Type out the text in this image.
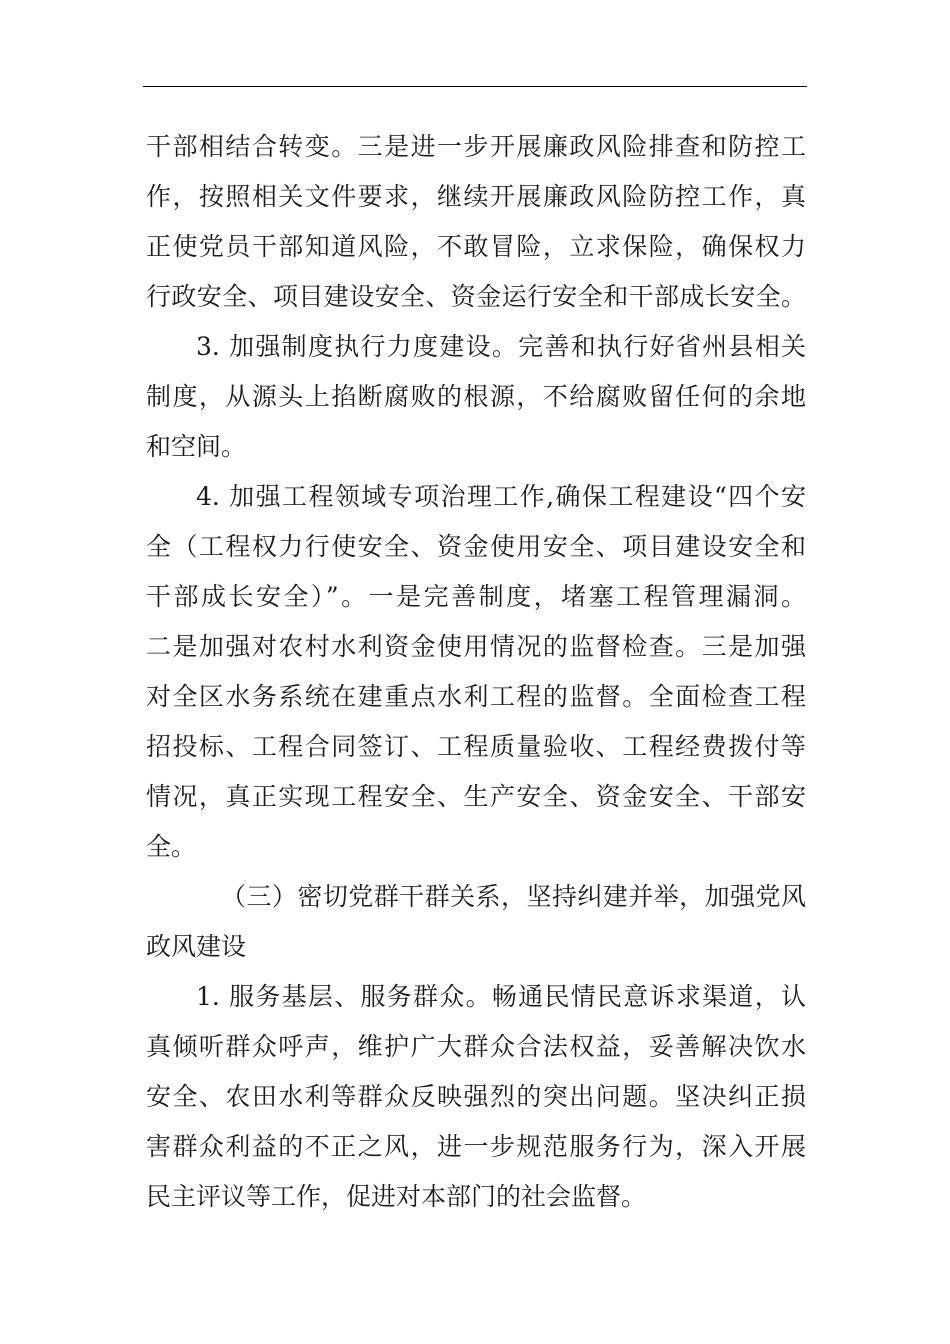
干部相结合转变。三是进一步开展廉政风险排查和防控工
作，按照相关文件要求，继续开展廉政风险防控工作，真
正使党员干部知道风险，不敢冒险，立求保险，确保权力
行政安全、项目建设安全、资金运行安全和干部成长安全。
3. 加强制度执行力度建设。完善和执行好省州县相关
制度，从源头上掐断腐败的根源，不给腐败留任何的余地
和空间。
4. 加强工程领域专项治理工作,确保工程建设“四个安
全（工程权力行使安全、资金使用安全、项目建设安全和
干部成长安全）”。一是完善制度，堵塞工程管理漏洞。
二是加强对农村水利资金使用情况的监督检查。三是加强
对全区水务系统在建重点水利工程的监督。全面检查工程
招投标、工程合同签订、工程质量验收、工程经费拨付等
情况，真正实现工程安全、生产安全、资金安全、干部安
全。
（三）密切党群干群关系，坚持纠建并举，加强党风
政风建设
1. 服务基层、服务群众。畅通民情民意诉求渠道，认
真倾听群众呼声，维护广大群众合法权益，妥善解决饮水
安全、农田水利等群众反映强烈的突出问题。坚决纠正损
害群众利益的不正之风，进一步规范服务行为，深入开展
民主评议等工作，促进对本部门的社会监督。
